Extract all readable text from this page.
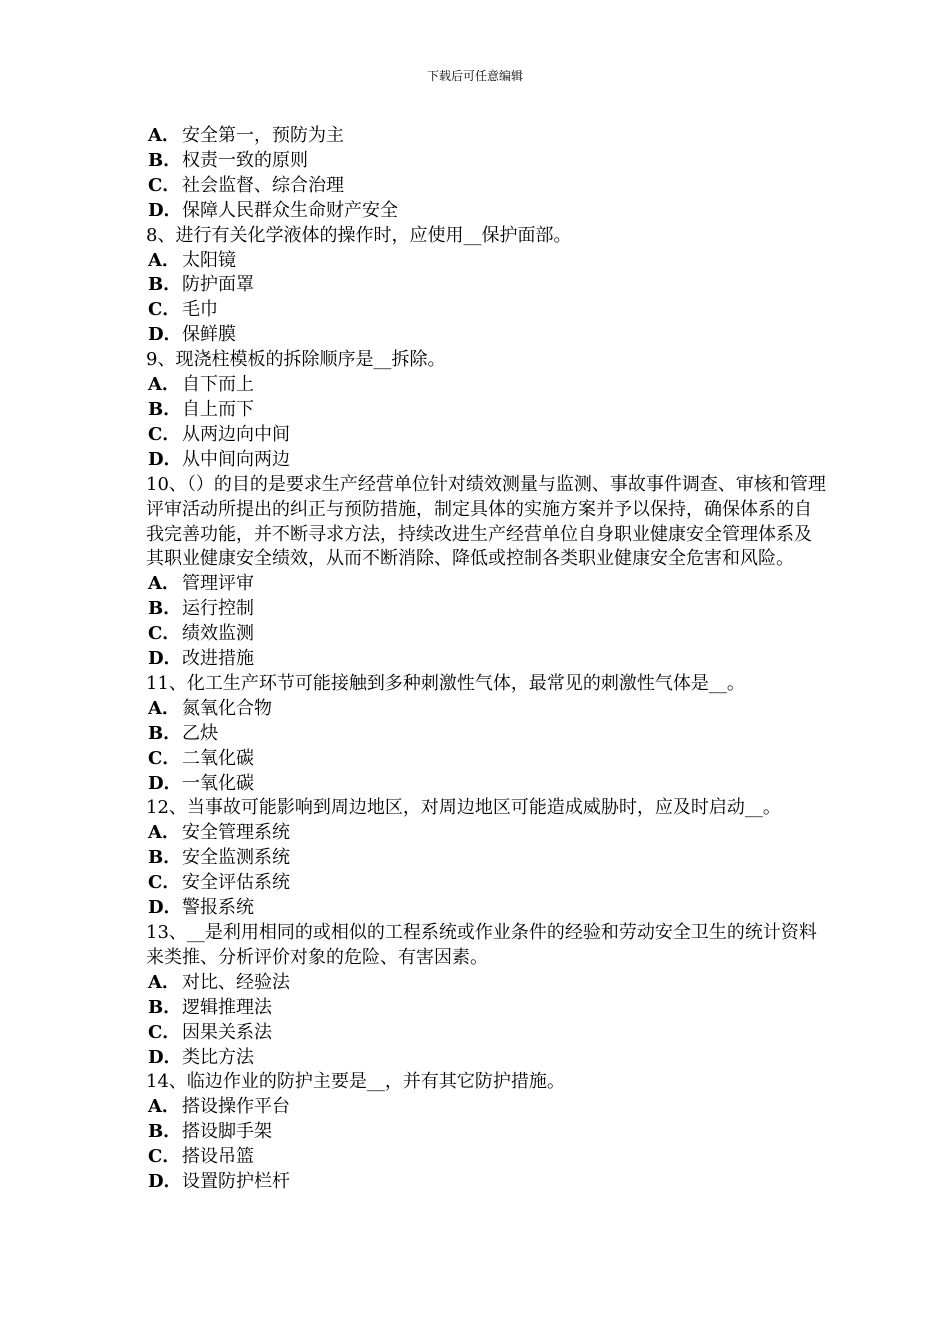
下载后可任意编辑
A． 安全第一，预防为主
B．权责一致的原则
C．社会监督、综合治理
D．保障人民群众生命财产安全
8、进行有关化学液体的操作时，应使用__保护面部。
A． 太阳镜
B．防护面罩
C．毛巾
D．保鲜膜
9、现浇柱模板的拆除顺序是__拆除。
A． 自下而上
B．自上而下
C．从两边向中间
D．从中间向两边
10、（）的目的是要求生产经营单位针对绩效测量与监测、事故事件调查、审核和管理评审活动所提出的纠正与预防措施，制定具体的实施方案并予以保持，确保体系的自我完善功能，并不断寻求方法，持续改进生产经营单位自身职业健康安全管理体系及其职业健康安全绩效，从而不断消除、降低或控制各类职业健康安全危害和风险。
A． 管理评审
B．运行控制
C．绩效监测
D．改进措施
11、化工生产环节可能接触到多种刺激性气体，最常见的刺激性气体是__。
A． 氮氧化合物
B．乙炔
C．二氧化碳
D．一氧化碳
12、当事故可能影响到周边地区，对周边地区可能造成威胁时，应及时启动__。
A． 安全管理系统
B．安全监测系统
C．安全评估系统
D．警报系统
13、__是利用相同的或相似的工程系统或作业条件的经验和劳动安全卫生的统计资料来类推、分析评价对象的危险、有害因素。
A． 对比、经验法
B．逻辑推理法
C．因果关系法
D．类比方法
14、临边作业的防护主要是__，并有其它防护措施。
A． 搭设操作平台
B．搭设脚手架
C．搭设吊篮
D．设置防护栏杆
